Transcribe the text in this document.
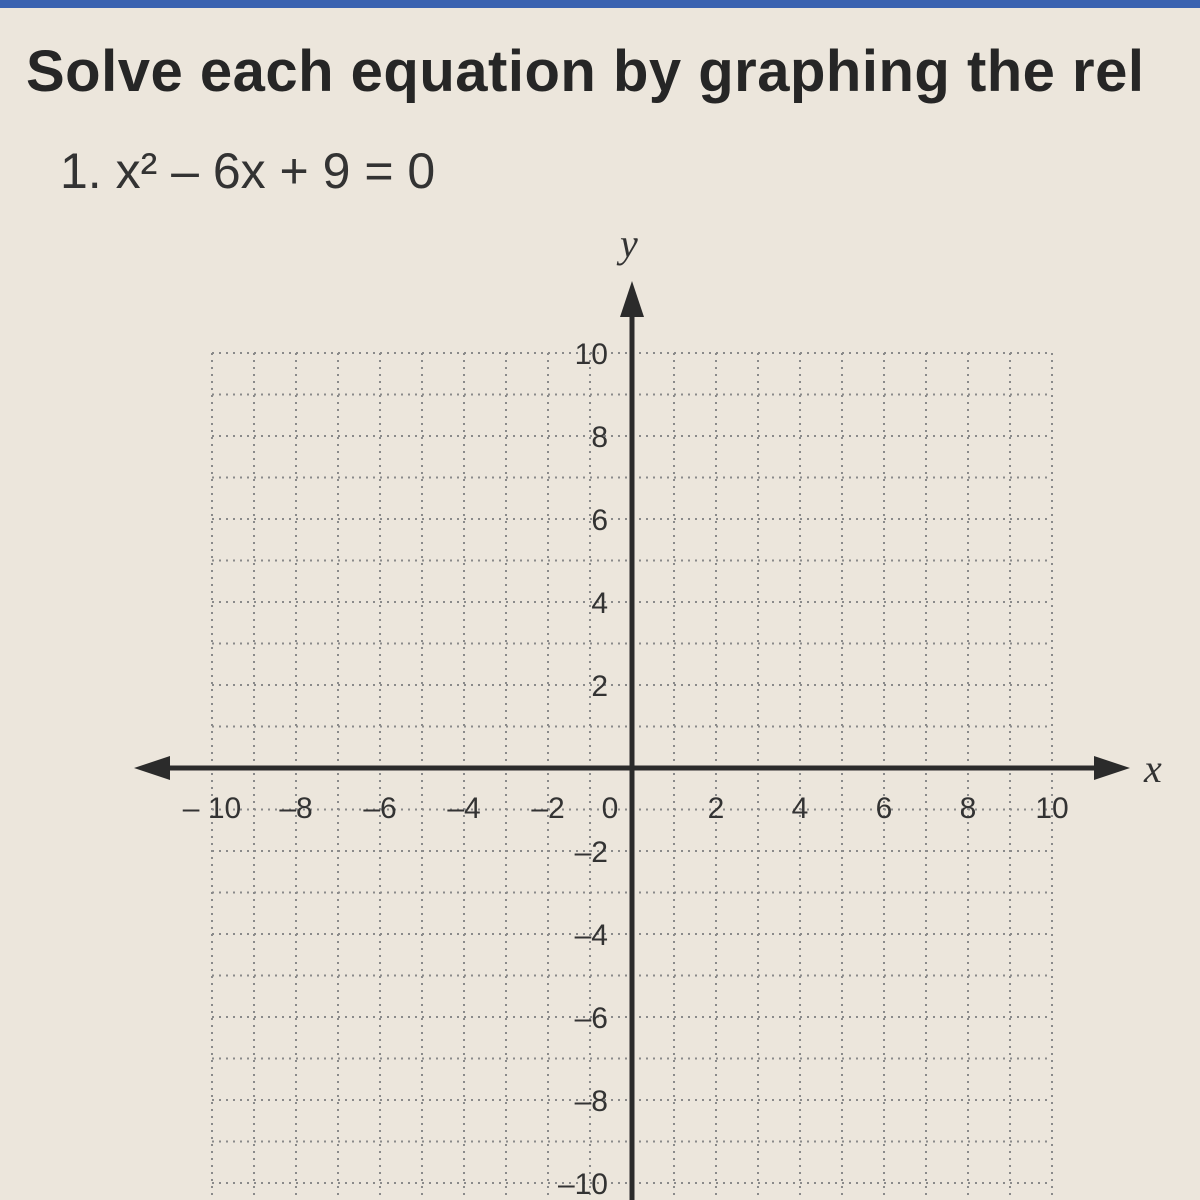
Solve each equation by graphing the rel
1. x² – 6x + 9 = 0
x
y
– 10 –8 –6 –4 –2 0	2 4 6 8 10
10
8
6
4
2
–2
–4
–6
–8
–10
